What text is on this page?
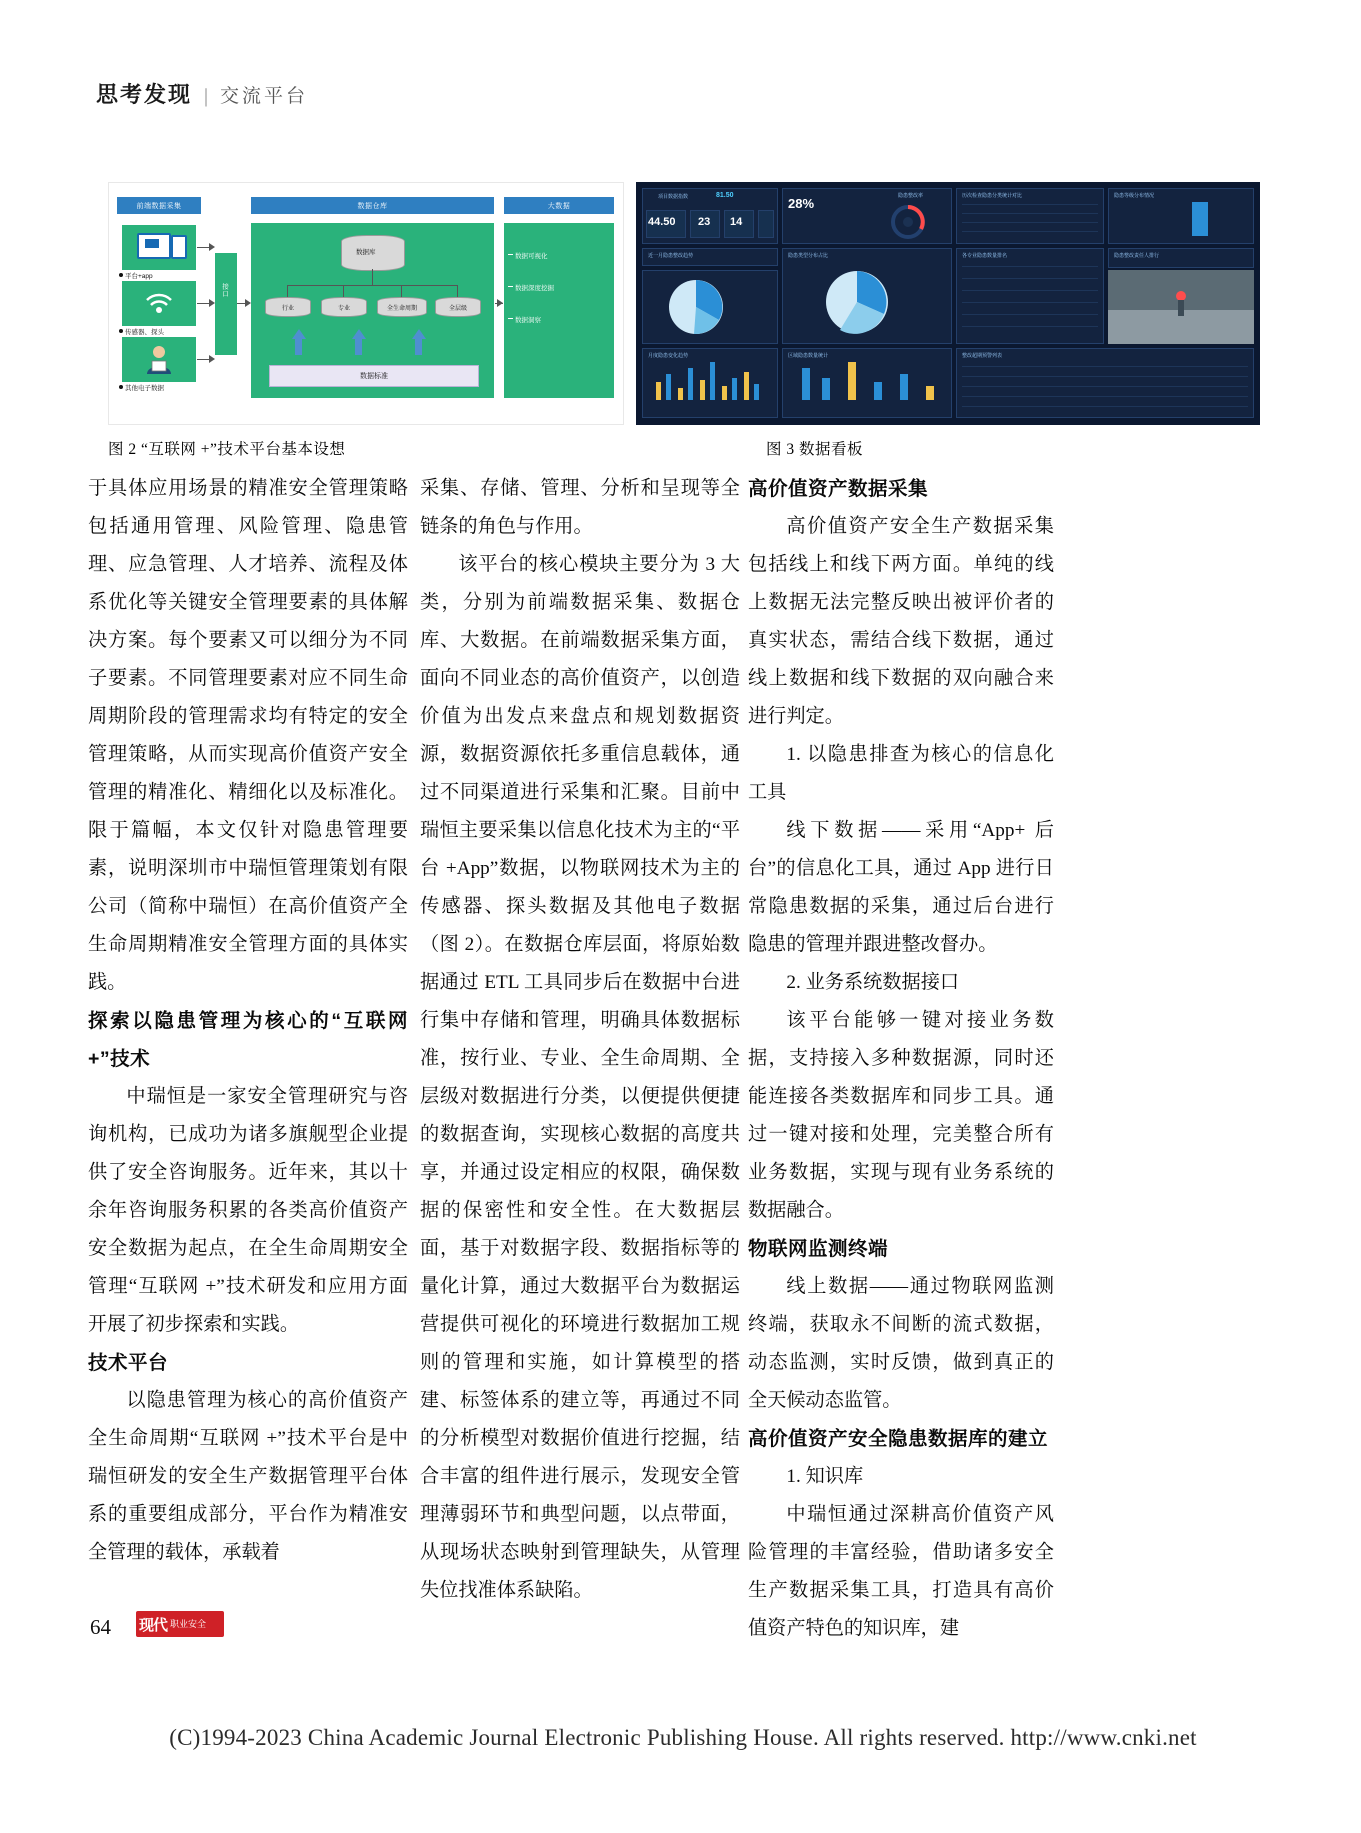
思考发现 | 交流平台
前端数据采集	数据仓库	大数据
平台+app
传感器、探头
其他电子数据
接口
数据库
行业	专业	全生命周期	全层级
数据标准
数据可视化
数据深度挖掘
数据洞察
项目数据指数	81.50
44.50 23 14
隐患整改率
28%	历次检查隐患分类统计对比	隐患等级分布情况
近一月隐患整改趋势	隐患类型分布占比	各专业隐患数量排名	隐患整改责任人排行
月度隐患变化趋势	区域隐患数量统计	整改超期预警列表
图 2 “互联网 +”技术平台基本设想	图 3 数据看板

于具体应用场景的精准安全管理策略包括通用管理、风险管理、隐患管理、应急管理、人才培养、流程及体系优化等关键安全管理要素的具体解决方案。每个要素又可以细分为不同子要素。不同管理要素对应不同生命周期阶段的管理需求均有特定的安全管理策略，从而实现高价值资产安全管理的精准化、精细化以及标准化。限于篇幅，本文仅针对隐患管理要素，说明深圳市中瑞恒管理策划有限公司（简称中瑞恒）在高价值资产全生命周期精准安全管理方面的具体实践。

探索以隐患管理为核心的“互联网+”技术

中瑞恒是一家安全管理研究与咨询机构，已成功为诸多旗舰型企业提供了安全咨询服务。近年来，其以十余年咨询服务积累的各类高价值资产安全数据为起点，在全生命周期安全管理“互联网 +”技术研发和应用方面开展了初步探索和实践。

技术平台

以隐患管理为核心的高价值资产全生命周期“互联网 +”技术平台是中瑞恒研发的安全生产数据管理平台体系的重要组成部分，平台作为精准安全管理的载体，承载着

采集、存储、管理、分析和呈现等全链条的角色与作用。

该平台的核心模块主要分为 3 大类，分别为前端数据采集、数据仓库、大数据。在前端数据采集方面，面向不同业态的高价值资产，以创造价值为出发点来盘点和规划数据资源，数据资源依托多重信息载体，通过不同渠道进行采集和汇聚。目前中瑞恒主要采集以信息化技术为主的“平台 +App”数据，以物联网技术为主的传感器、探头数据及其他电子数据（图 2）。在数据仓库层面，将原始数据通过 ETL 工具同步后在数据中台进行集中存储和管理，明确具体数据标准，按行业、专业、全生命周期、全层级对数据进行分类，以便提供便捷的数据查询，实现核心数据的高度共享，并通过设定相应的权限，确保数据的保密性和安全性。在大数据层面，基于对数据字段、数据指标等的量化计算，通过大数据平台为数据运营提供可视化的环境进行数据加工规则的管理和实施，如计算模型的搭建、标签体系的建立等，再通过不同的分析模型对数据价值进行挖掘，结合丰富的组件进行展示，发现安全管理薄弱环节和典型问题，以点带面，从现场状态映射到管理缺失，从管理失位找准体系缺陷。

高价值资产数据采集

高价值资产安全生产数据采集包括线上和线下两方面。单纯的线上数据无法完整反映出被评价者的真实状态，需结合线下数据，通过线上数据和线下数据的双向融合来进行判定。

1. 以隐患排查为核心的信息化工具

线下数据——采用“App+ 后台”的信息化工具，通过 App 进行日常隐患数据的采集，通过后台进行隐患的管理并跟进整改督办。

2. 业务系统数据接口

该平台能够一键对接业务数据，支持接入多种数据源，同时还能连接各类数据库和同步工具。通过一键对接和处理，完美整合所有业务数据，实现与现有业务系统的数据融合。

物联网监测终端

线上数据——通过物联网监测终端，获取永不间断的流式数据，动态监测，实时反馈，做到真正的全天候动态监管。

高价值资产安全隐患数据库的建立

1. 知识库

中瑞恒通过深耕高价值资产风险管理的丰富经验，借助诸多安全生产数据采集工具，打造具有高价值资产特色的知识库，建

64 现代 职业安全
(C)1994-2023 China Academic Journal Electronic Publishing House. All rights reserved. http://www.cnki.net
